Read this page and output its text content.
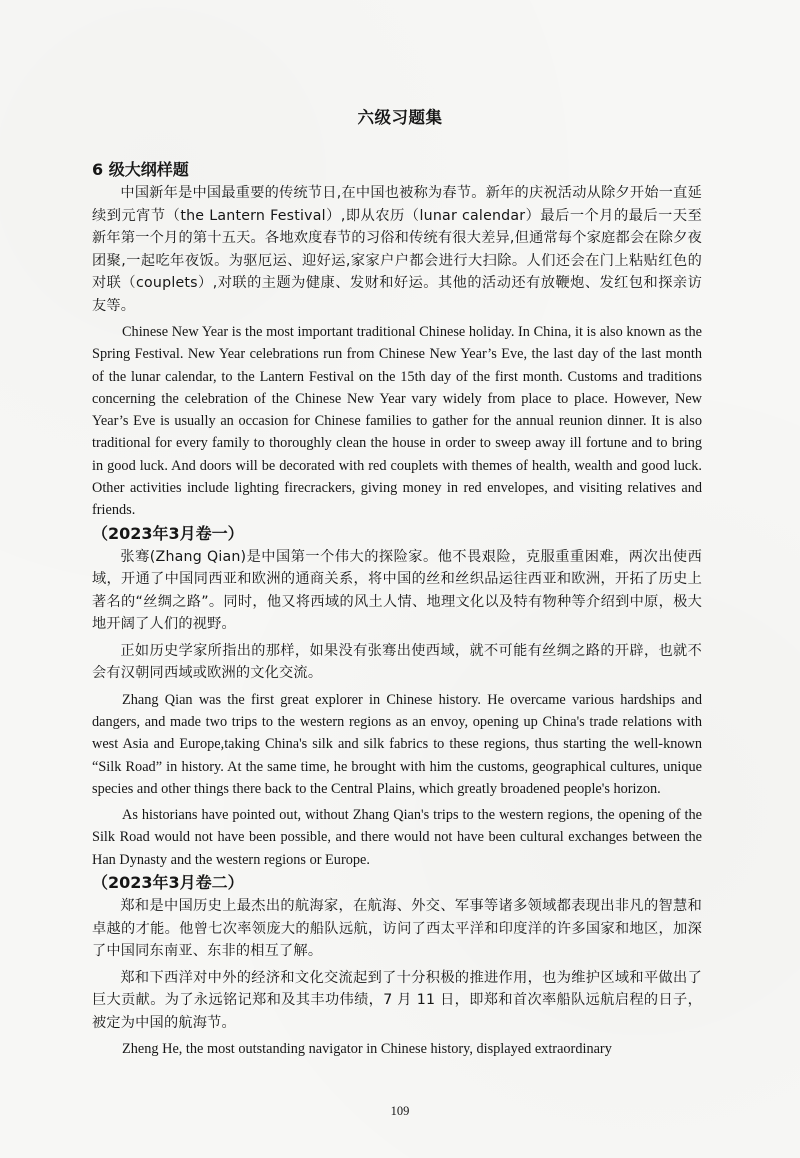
六级习题集
6 级大纲样题

中国新年是中国最重要的传统节日,在中国也被称为春节。新年的庆祝活动从除夕开始一直延续到元宵节（the Lantern Festival）,即从农历（lunar calendar）最后一个月的最后一天至新年第一个月的第十五天。各地欢度春节的习俗和传统有很大差异,但通常每个家庭都会在除夕夜团聚,一起吃年夜饭。为驱厄运、迎好运,家家户户都会进行大扫除。人们还会在门上粘贴红色的对联（couplets）,对联的主题为健康、发财和好运。其他的活动还有放鞭炮、发红包和探亲访友等。

Chinese New Year is the most important traditional Chinese holiday. In China, it is also known as the Spring Festival. New Year celebrations run from Chinese New Year’s Eve, the last day of the last month of the lunar calendar, to the Lantern Festival on the 15th day of the first month. Customs and traditions concerning the celebration of the Chinese New Year vary widely from place to place. However, New Year’s Eve is usually an occasion for Chinese families to gather for the annual reunion dinner. It is also traditional for every family to thoroughly clean the house in order to sweep away ill fortune and to bring in good luck. And doors will be decorated with red couplets with themes of health, wealth and good luck. Other activities include lighting firecrackers, giving money in red envelopes, and visiting relatives and friends.

（2023年3月卷一）

张骞(Zhang Qian)是中国第一个伟大的探险家。他不畏艰险，克服重重困难，两次出使西域，开通了中国同西亚和欧洲的通商关系，将中国的丝和丝织品运往西亚和欧洲，开拓了历史上著名的“丝绸之路”。同时，他又将西域的风土人情、地理文化以及特有物种等介绍到中原，极大地开阔了人们的视野。

正如历史学家所指出的那样，如果没有张骞出使西域，就不可能有丝绸之路的开辟，也就不会有汉朝同西域或欧洲的文化交流。

Zhang Qian was the first great explorer in Chinese history. He overcame various hardships and dangers, and made two trips to the western regions as an envoy, opening up China's trade relations with west Asia and Europe,taking China's silk and silk fabrics to these regions, thus starting the well-known “Silk Road” in history. At the same time, he brought with him the customs, geographical cultures, unique species and other things there back to the Central Plains, which greatly broadened people's horizon.

As historians have pointed out, without Zhang Qian's trips to the western regions, the opening of the Silk Road would not have been possible, and there would not have been cultural exchanges between the Han Dynasty and the western regions or Europe.

（2023年3月卷二）

郑和是中国历史上最杰出的航海家，在航海、外交、军事等诸多领域都表现出非凡的智慧和卓越的才能。他曾七次率领庞大的船队远航，访问了西太平洋和印度洋的许多国家和地区，加深了中国同东南亚、东非的相互了解。

郑和下西洋对中外的经济和文化交流起到了十分积极的推进作用，也为维护区域和平做出了巨大贡献。为了永远铭记郑和及其丰功伟绩，7 月 11 日，即郑和首次率船队远航启程的日子，被定为中国的航海节。

Zheng He, the most outstanding navigator in Chinese history, displayed extraordinary

109
